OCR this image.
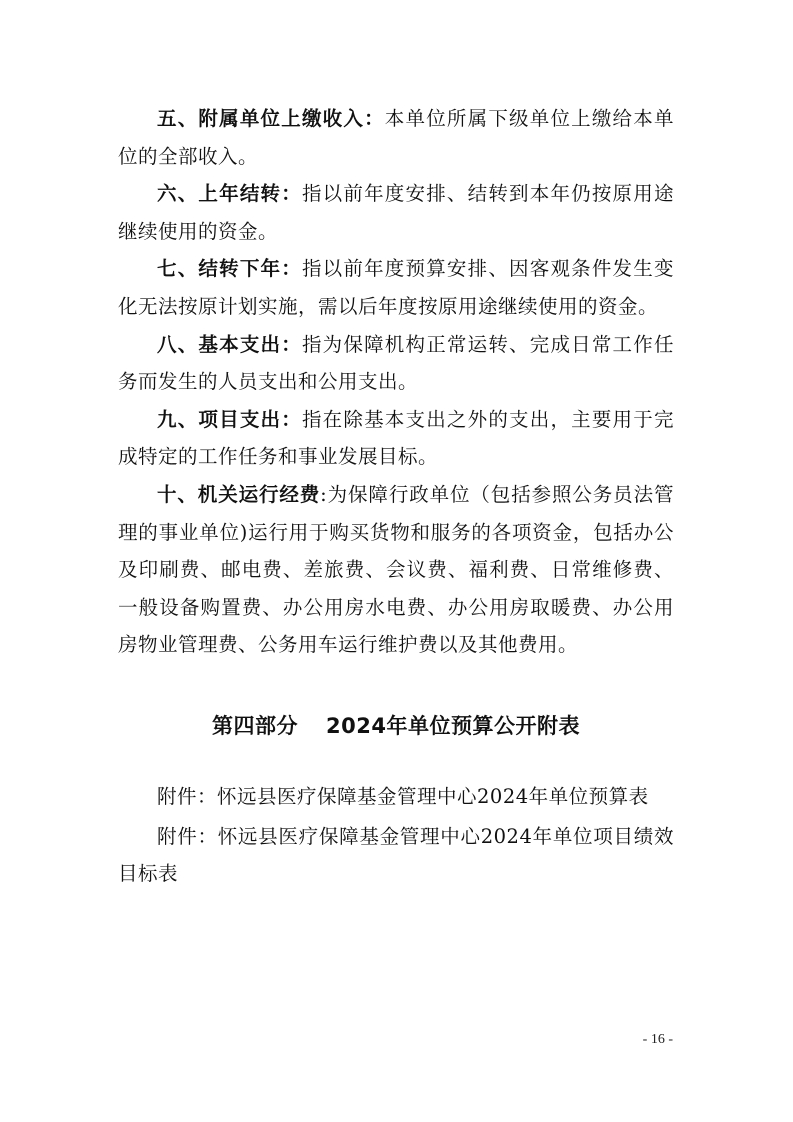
五、附属单位上缴收入：本单位所属下级单位上缴给本单位的全部收入。

六、上年结转：指以前年度安排、结转到本年仍按原用途继续使用的资金。

七、结转下年：指以前年度预算安排、因客观条件发生变化无法按原计划实施，需以后年度按原用途继续使用的资金。

八、基本支出：指为保障机构正常运转、完成日常工作任务而发生的人员支出和公用支出。

九、项目支出：指在除基本支出之外的支出，主要用于完成特定的工作任务和事业发展目标。

十、机关运行经费:为保障行政单位（包括参照公务员法管理的事业单位)运行用于购买货物和服务的各项资金，包括办公及印刷费、邮电费、差旅费、会议费、福利费、日常维修费、一般设备购置费、办公用房水电费、办公用房取暖费、办公用房物业管理费、公务用车运行维护费以及其他费用。

第四部分 2024年单位预算公开附表

附件：怀远县医疗保障基金管理中心2024年单位预算表

附件：怀远县医疗保障基金管理中心2024年单位项目绩效目标表

- 16 -
